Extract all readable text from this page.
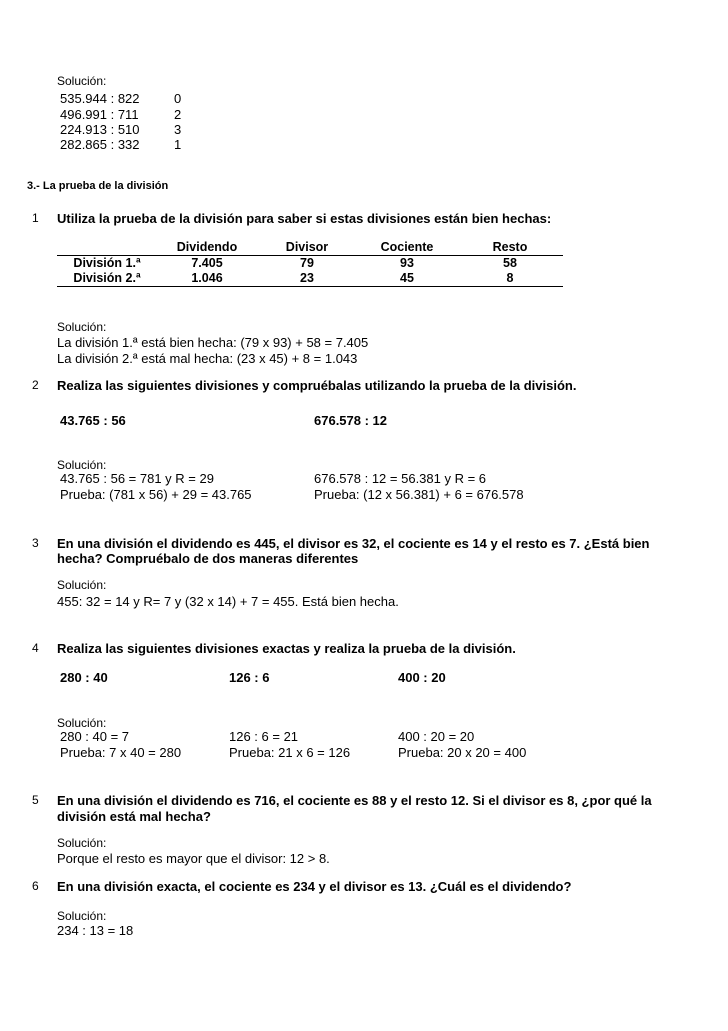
Solución:
535.944 : 822	0
496.991 : 711	2
224.913 : 510	3
282.865 : 332	1
3.- La prueba de la división
1 Utiliza la prueba de la división para saber si estas divisiones están bien hechas:
	Dividendo	Divisor	Cociente	Resto
División 1.ª	7.405	79	93	58
División 2.ª	1.046	23	45	8
Solución:
La división 1.ª está bien hecha: (79 x 93) + 58 = 7.405
La división 2.ª está mal hecha: (23 x 45) + 8 = 1.043
2 Realiza las siguientes divisiones y compruébalas utilizando la prueba de la división.
43.765 : 56	676.578 : 12
Solución:
43.765 : 56 = 781 y R = 29
Prueba: (781 x 56) + 29 = 43.765
676.578 : 12 = 56.381 y R = 6
Prueba: (12 x 56.381) + 6 = 676.578
3 En una división el dividendo es 445, el divisor es 32, el cociente es 14 y el resto es 7. ¿Está bien
hecha? Compruébalo de dos maneras diferentes
Solución:
455: 32 = 14 y R= 7 y (32 x 14) + 7 = 455. Está bien hecha.
4 Realiza las siguientes divisiones exactas y realiza la prueba de la división.
280 : 40	126 : 6	400 : 20
Solución:
280 : 40 = 7
Prueba: 7 x 40 = 280
126 : 6 = 21
Prueba: 21 x 6 = 126
400 : 20 = 20
Prueba: 20 x 20 = 400
5 En una división el dividendo es 716, el cociente es 88 y el resto 12. Si el divisor es 8, ¿por qué la
división está mal hecha?
Solución:
Porque el resto es mayor que el divisor: 12 > 8.
6 En una división exacta, el cociente es 234 y el divisor es 13. ¿Cuál es el dividendo?
Solución:
234 : 13 = 18
